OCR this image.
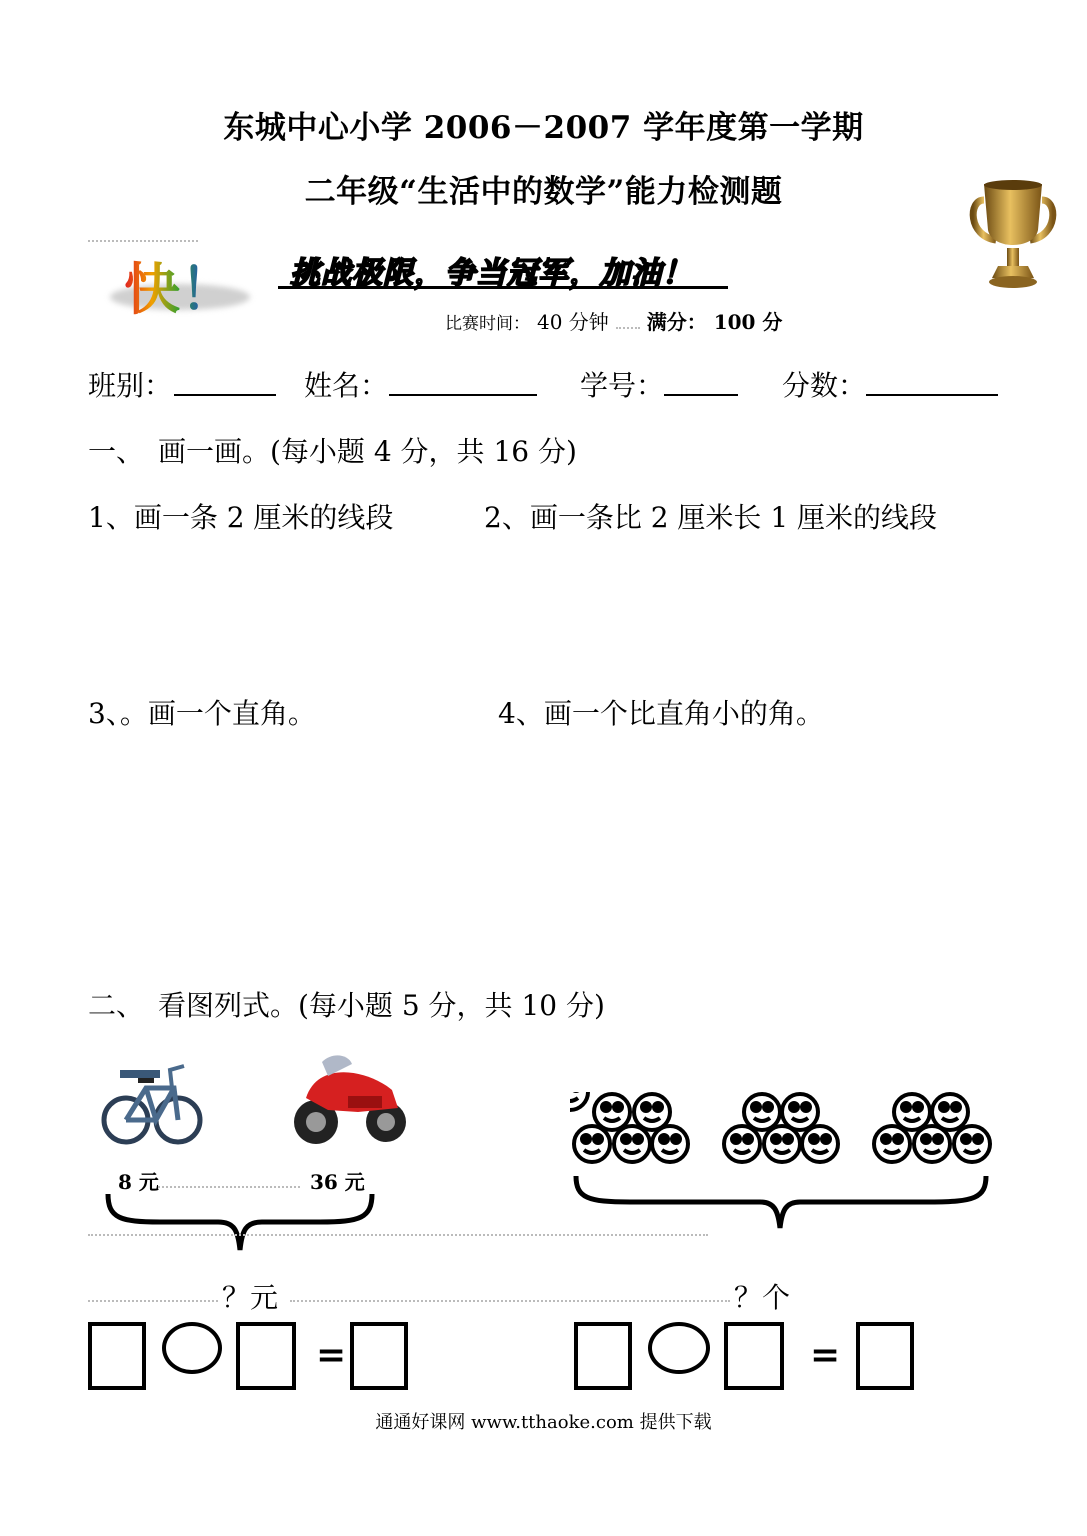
东城中心小学 2006－2007 学年度第一学期
二年级“生活中的数学”能力检测题
快！ 挑战极限，争当冠军，加油！
比赛时间： 40 分钟 满分： 100 分
班别：	姓名：	学号：	分数：
一、　画一画。(每小题 4 分，共 16 分)
1、画一条 2 厘米的线段	2、画一条比 2 厘米长 1 厘米的线段
3、。画一个直角。	4、画一个比直角小的角。
二、　看图列式。(每小题 5 分，共 10 分)
8 元	36 元
？元	？个
=	=
通通好课网 www.tthaoke.com 提供下载
